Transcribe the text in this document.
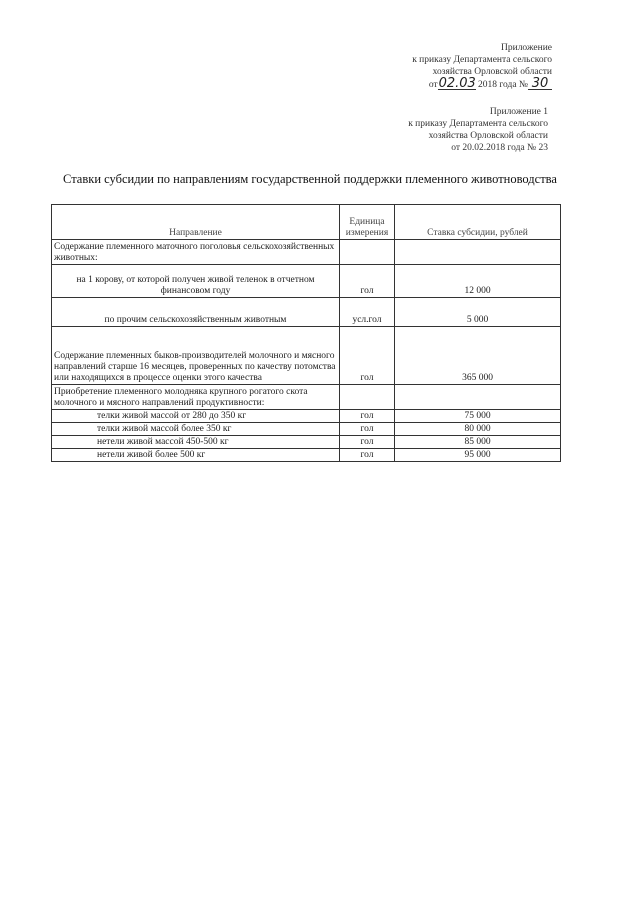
Приложение
к приказу Департамента сельского
хозяйства Орловской области
от02.03 2018 года № 30
Приложение 1
к приказу Департамента сельского
хозяйства Орловской области
от 20.02.2018 года № 23
Ставки субсидии по направлениям государственной поддержки племенного животноводства
Направление	Единица измерения	Ставка субсидии, рублей
Содержание племенного маточного поголовья сельскохозяйственных животных:		
на 1 корову, от которой получен живой теленок в отчетном финансовом году	гол	12 000
по прочим сельскохозяйственным животным	усл.гол	5 000
Содержание племенных быков-производителей молочного и мясного направлений старше 16 месяцев, проверенных по качеству потомства или находящихся в процессе оценки этого качества	гол	365 000
Приобретение племенного молодняка крупного рогатого скота молочного и мясного направлений продуктивности:		
телки живой массой от 280 до 350 кг	гол	75 000
телки живой массой более 350 кг	гол	80 000
нетели живой массой 450-500 кг	гол	85 000
нетели живой более 500 кг	гол	95 000
